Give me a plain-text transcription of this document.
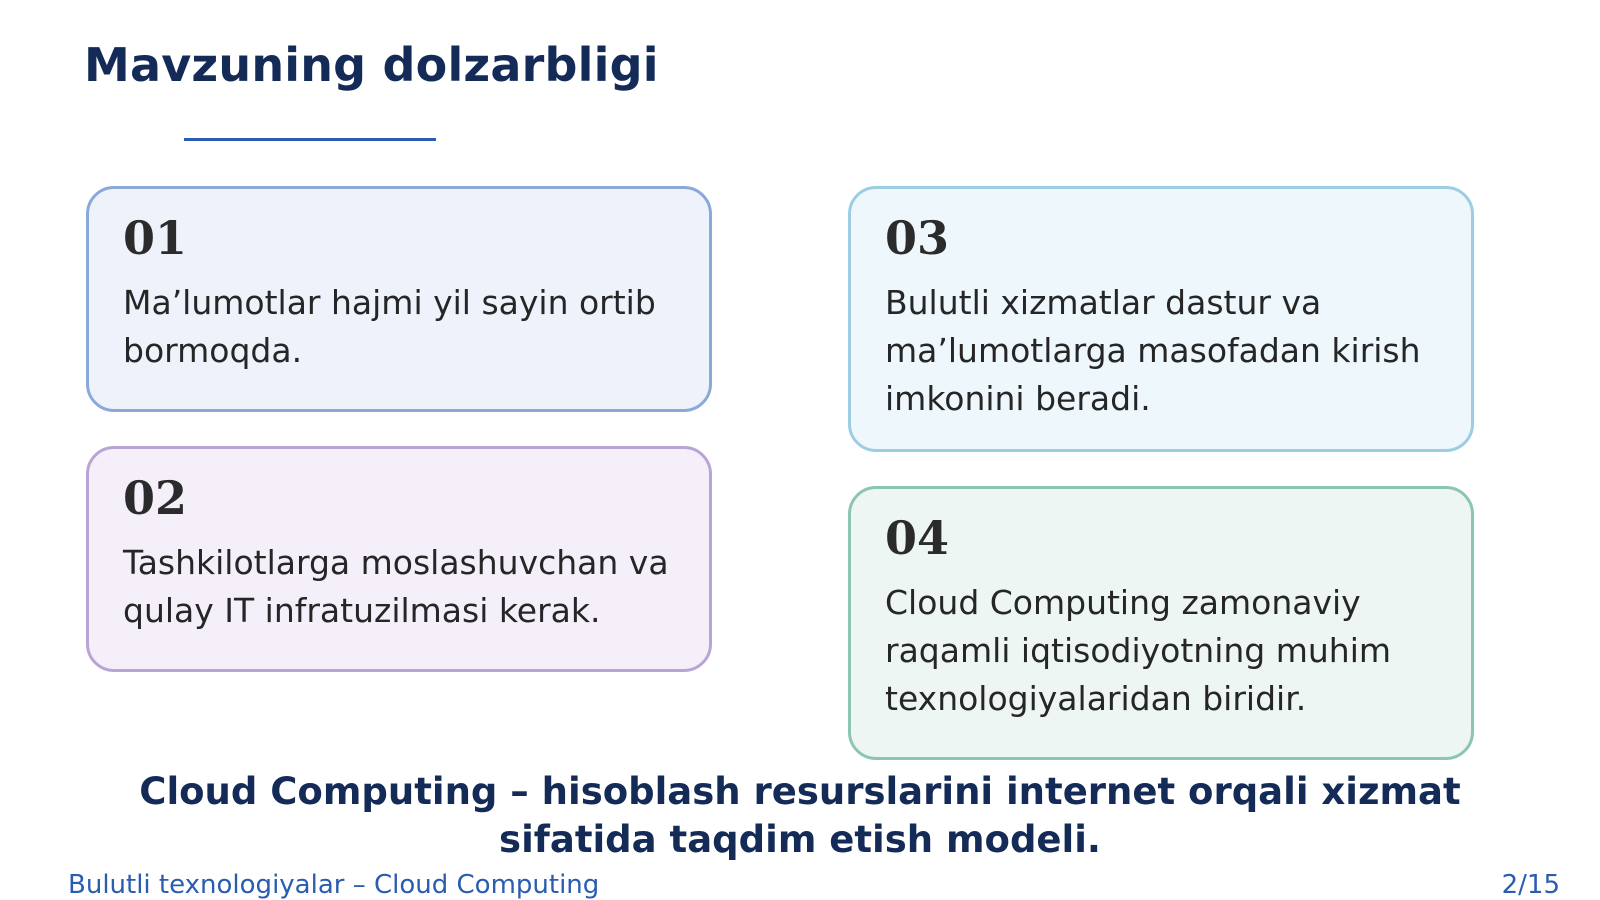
Mavzuning dolzarbligi
01
Ma’lumotlar hajmi yil sayin ortib bormoqda.
02
Tashkilotlarga moslashuvchan va qulay IT infratuzilmasi kerak.
03
Bulutli xizmatlar dastur va ma’lumotlarga masofadan kirish imkonini beradi.
04
Cloud Computing zamonaviy raqamli iqtisodiyotning muhim texnologiyalaridan biridir.

Cloud Computing – hisoblash resurslarini internet orqali xizmat sifatida taqdim etish modeli.

Bulutli texnologiyalar – Cloud Computing	2/15
